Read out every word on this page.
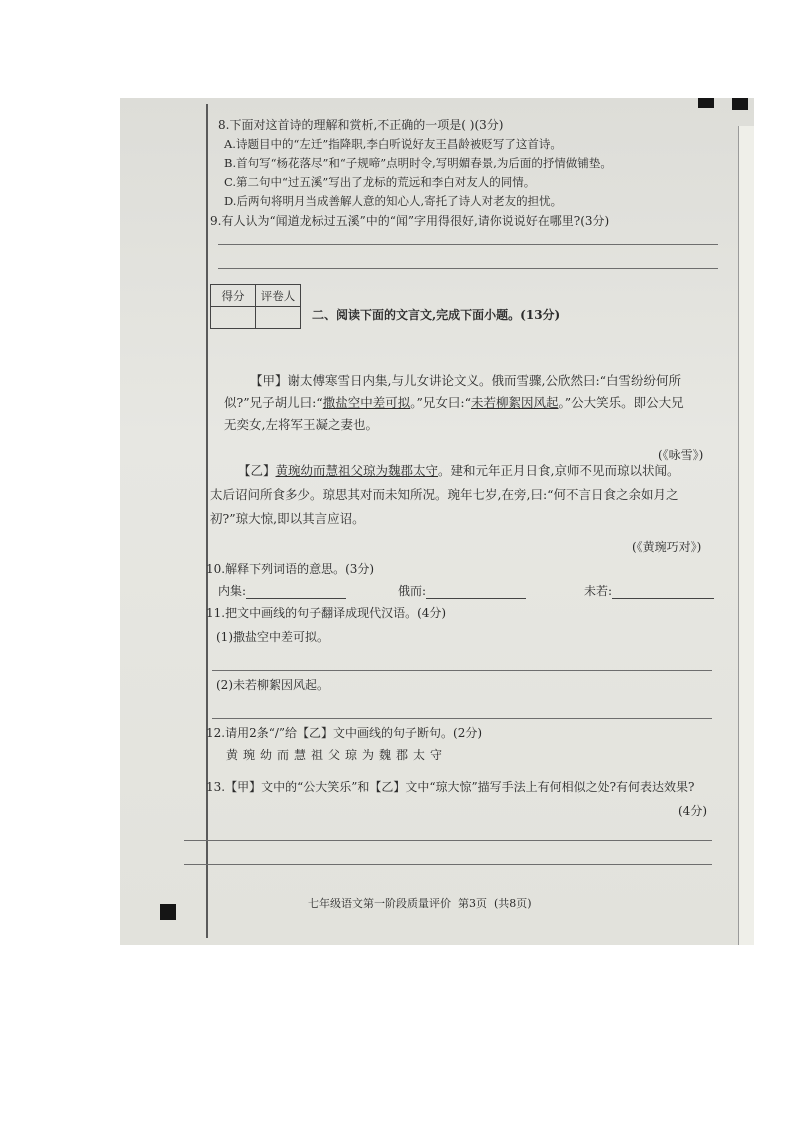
8.下面对这首诗的理解和赏析,不正确的一项是( )(3分)
A.诗题目中的“左迁”指降职,李白听说好友王昌龄被贬写了这首诗。
B.首句写“杨花落尽”和“子规啼”点明时令,写明媚春景,为后面的抒情做铺垫。
C.第二句中“过五溪”写出了龙标的荒远和李白对友人的同情。
D.后两句将明月当成善解人意的知心人,寄托了诗人对老友的担忧。
9.有人认为“闻道龙标过五溪”中的“闻”字用得很好,请你说说好在哪里?(3分)
得分	评卷人

二、阅读下面的文言文,完成下面小题。(13分)
【甲】谢太傅寒雪日内集,与儿女讲论文义。俄而雪骤,公欣然曰:“白雪纷纷何所
似?”兄子胡儿曰:“撒盐空中差可拟。”兄女曰:“未若柳絮因风起。”公大笑乐。即公大兄
无奕女,左将军王凝之妻也。
(《咏雪》)
【乙】黄琬幼而慧祖父琼为魏郡太守。建和元年正月日食,京师不见而琼以状闻。
太后诏问所食多少。琼思其对而未知所况。琬年七岁,在旁,曰:“何不言日食之余如月之
初?”琼大惊,即以其言应诏。
(《黄琬巧对》)
10.解释下列词语的意思。(3分)
内集:	俄而:	未若:
11.把文中画线的句子翻译成现代汉语。(4分)
(1)撒盐空中差可拟。
(2)未若柳絮因风起。
12.请用2条“/”给【乙】文中画线的句子断句。(2分)
黄琬幼而慧祖父琼为魏郡太守
13.【甲】文中的“公大笑乐”和【乙】文中“琼大惊”描写手法上有何相似之处?有何表达效果?
(4分)
七年级语文第一阶段质量评价 第3页 (共8页)
